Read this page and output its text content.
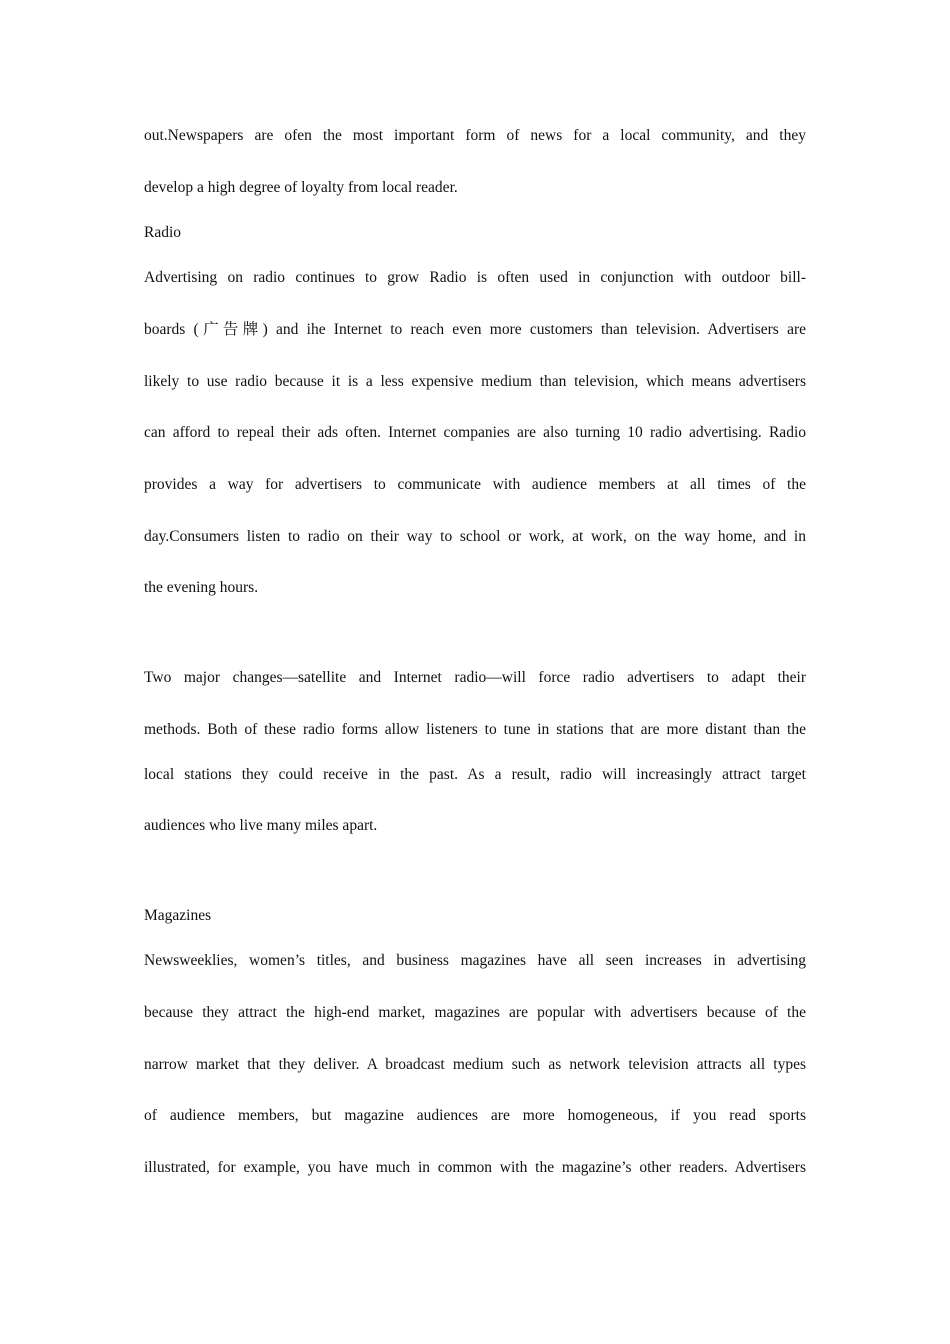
out.Newspapers are ofen the most important form of news for a local community, and they
develop a high degree of loyalty from local reader.
Radio
Advertising on radio continues to grow Radio is often used in conjunction with outdoor bill-
boards (广告牌) and ihe Internet to reach even more customers than television. Advertisers are
likely to use radio because it is a less expensive medium than television, which means advertisers
can afford to repeal their ads often. Internet companies are also turning 10 radio advertising. Radio
provides a way for advertisers to communicate with audience members at all times of the
day.Consumers listen to radio on their way to school or work, at work, on the way home, and in
the evening hours.
Two major changes—satellite and Internet radio—will force radio advertisers to adapt their
methods. Both of these radio forms allow listeners to tune in stations that are more distant than the
local stations they could receive in the past. As a result, radio will increasingly attract target
audiences who live many miles apart.
Magazines
Newsweeklies, women’s titles, and business magazines have all seen increases in advertising
because they attract the high-end market, magazines are popular with advertisers because of the
narrow market that they deliver. A broadcast medium such as network television attracts all types
of audience members, but magazine audiences are more homogeneous, if you read sports
illustrated, for example, you have much in common with the magazine’s other readers. Advertisers
